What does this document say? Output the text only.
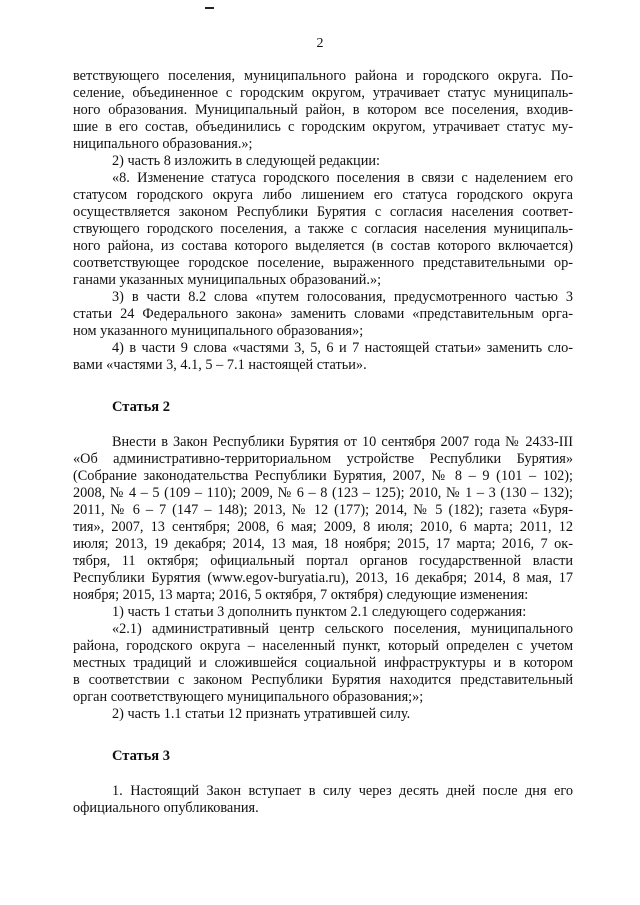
2
ветствующего поселения, муниципального района и городского округа. По-
селение, объединенное с городским округом, утрачивает статус муниципаль-
ного образования. Муниципальный район, в котором все поселения, входив-
шие в его состав, объединились с городским округом, утрачивает статус му-
ниципального образования.»;
2) часть 8 изложить в следующей редакции:
«8. Изменение статуса городского поселения в связи с наделением его
статусом городского округа либо лишением его статуса городского округа
осуществляется законом Республики Бурятия с согласия населения соответ-
ствующего городского поселения, а также с согласия населения муниципаль-
ного района, из состава которого выделяется (в состав которого включается)
соответствующее городское поселение, выраженного представительными ор-
ганами указанных муниципальных образований.»;
3) в части 8.2 слова «путем голосования, предусмотренного частью 3
статьи 24 Федерального закона» заменить словами «представительным орга-
ном указанного муниципального образования»;
4) в части 9 слова «частями 3, 5, 6 и 7 настоящей статьи» заменить сло-
вами «частями 3, 4.1, 5 – 7.1 настоящей статьи».
Статья 2
Внести в Закон Республики Бурятия от 10 сентября 2007 года № 2433-III
«Об административно-территориальном устройстве Республики Бурятия»
(Собрание законодательства Республики Бурятия, 2007, № 8 – 9 (101 – 102);
2008, № 4 – 5 (109 – 110); 2009, № 6 – 8 (123 – 125); 2010, № 1 – 3 (130 – 132);
2011, № 6 – 7 (147 – 148); 2013, № 12 (177); 2014, № 5 (182); газета «Буря-
тия», 2007, 13 сентября; 2008, 6 мая; 2009, 8 июля; 2010, 6 марта; 2011, 12
июля; 2013, 19 декабря; 2014, 13 мая, 18 ноября; 2015, 17 марта; 2016, 7 ок-
тября, 11 октября; официальный портал органов государственной власти
Республики Бурятия (www.egov-buryatia.ru), 2013, 16 декабря; 2014, 8 мая, 17
ноября; 2015, 13 марта; 2016, 5 октября, 7 октября) следующие изменения:
1) часть 1 статьи 3 дополнить пунктом 2.1 следующего содержания:
«2.1) административный центр сельского поселения, муниципального
района, городского округа – населенный пункт, который определен с учетом
местных традиций и сложившейся социальной инфраструктуры и в котором
в соответствии с законом Республики Бурятия находится представительный
орган соответствующего муниципального образования;»;
2) часть 1.1 статьи 12 признать утратившей силу.
Статья 3
1. Настоящий Закон вступает в силу через десять дней после дня его
официального опубликования.
